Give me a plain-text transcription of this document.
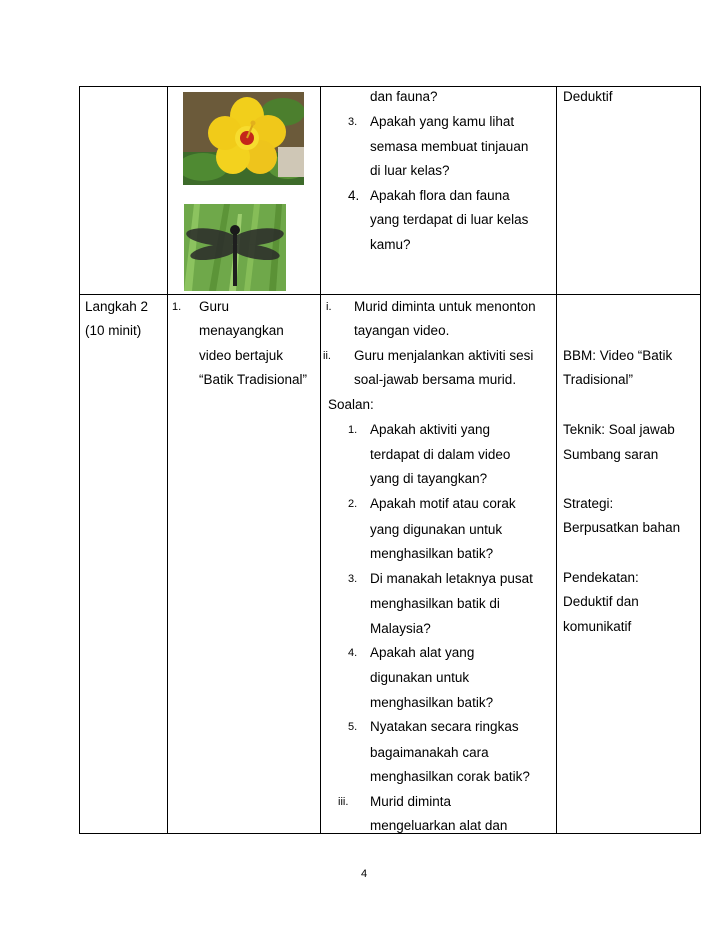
dan fauna?
3. Apakah yang kamu lihat
semasa membuat tinjauan
di luar kelas?
4. Apakah flora dan fauna
yang terdapat di luar kelas
kamu?
Deduktif
Langkah 2
(10 minit)
1. Guru
menayangkan
video bertajuk
“Batik Tradisional”
i. Murid diminta untuk menonton
tayangan video.
ii. Guru menjalankan aktiviti sesi
soal-jawab bersama murid.
Soalan:
1. Apakah aktiviti yang
terdapat di dalam video
yang di tayangkan?
2. Apakah motif atau corak
yang digunakan untuk
menghasilkan batik?
3. Di manakah letaknya pusat
menghasilkan batik di
Malaysia?
4. Apakah alat yang
digunakan untuk
menghasilkan batik?
5. Nyatakan secara ringkas
bagaimanakah cara
menghasilkan corak batik?
iii. Murid diminta
mengeluarkan alat dan
BBM: Video “Batik
Tradisional”
Teknik: Soal jawab
Sumbang saran
Strategi:
Berpusatkan bahan
Pendekatan:
Deduktif dan
komunikatif
4
